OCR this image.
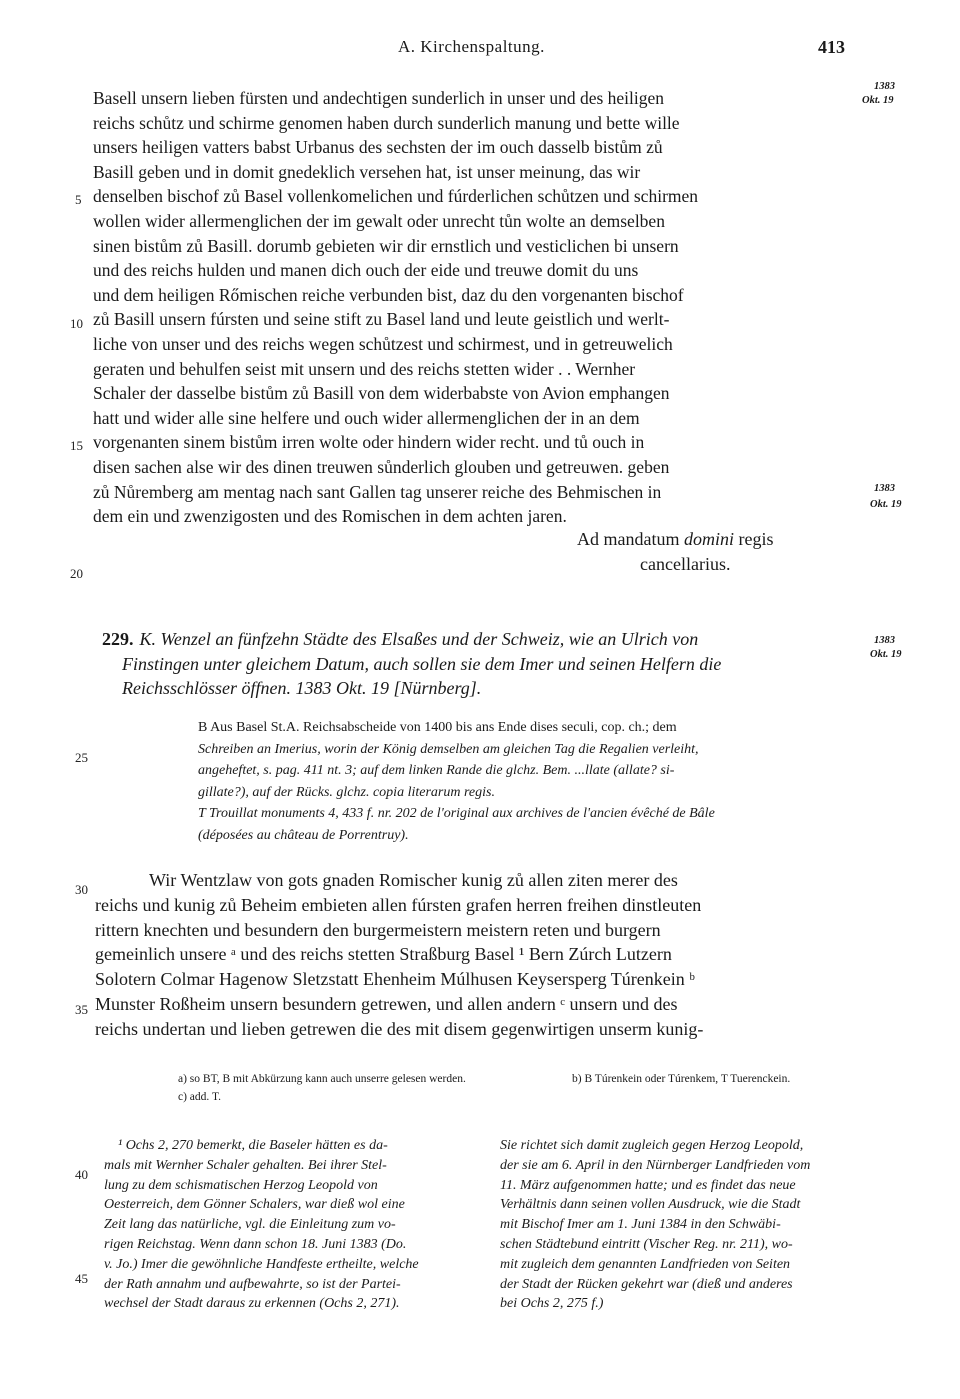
A. Kirchenspaltung.	413
1383
Okt. 19
1383
Okt. 19
1383
Okt. 19
Basell unsern lieben fürsten und andechtigen sunderlich in unser und des heiligen
reichs schůtz und schirme genomen haben durch sunderlich manung und bette wille
unsers heiligen vatters babst Urbanus des sechsten der im ouch dasselb bistům zů
Basill geben und in domit gnedeklich versehen hat, ist unser meinung, das wir
denselben bischof zů Basel vollenkomelichen und fúrderlichen schůtzen und schirmen
wollen wider allermenglichen der im gewalt oder unrecht tůn wolte an demselben
sinen bistům zů Basill. dorumb gebieten wir dir ernstlich und vesticlichen bi unsern
und des reichs hulden und manen dich ouch der eide und treuwe domit du uns
und dem heiligen Rőmischen reiche verbunden bist, daz du den vorgenanten bischof
zů Basill unsern fúrsten und seine stift zu Basel land und leute geistlich und werlt-
liche von unser und des reichs wegen schůtzest und schirmest, und in getreuwelich
geraten und behulfen seist mit unsern und des reichs stetten wider . . Wernher
Schaler der dasselbe bistům zů Basill von dem widerbabste von Avion emphangen
hatt und wider alle sine helfere und ouch wider allermenglichen der in an dem
vorgenanten sinem bistům irren wolte oder hindern wider recht. und tů ouch in
disen sachen alse wir des dinen treuwen sůnderlich glouben und getreuwen. geben
zů Nůremberg am mentag nach sant Gallen tag unserer reiche des Behmischen in
dem ein und zwenzigosten und des Romischen in dem achten jaren.
Ad mandatum domini regis
cancellarius.
5
10
15
20
25
30
35
40
45
229. K. Wenzel an fünfzehn Städte des Elsaßes und der Schweiz, wie an Ulrich von
Finstingen unter gleichem Datum, auch sollen sie dem Imer und seinen Helfern die
Reichsschlösser öffnen. 1383 Okt. 19 [Nürnberg].
B Aus Basel St.A. Reichsabscheide von 1400 bis ans Ende dises seculi, cop. ch.; dem
Schreiben an Imerius, worin der König demselben am gleichen Tag die Regalien verleiht,
angeheftet, s. pag. 411 nt. 3; auf dem linken Rande die glchz. Bem. ...llate (allate? si-
gillate?), auf der Rücks. glchz. copia literarum regis.
T Trouillat monuments 4, 433 f. nr. 202 de l'original aux archives de l'ancien évêché de Bâle
(déposées au château de Porrentruy).
Wir Wentzlaw von gots gnaden Romischer kunig zů allen ziten merer des
reichs und kunig zů Beheim embieten allen fúrsten grafen herren freihen dinstleuten
rittern knechten und besundern den burgermeistern meistern reten und burgern
gemeinlich unsere ᵃ und des reichs stetten Straßburg Basel ¹ Bern Zúrch Lutzern
Solotern Colmar Hagenow Sletzstatt Ehenheim Múlhusen Keysersperg Túrenkein ᵇ
Munster Roßheim unsern besundern getrewen, und allen andern ᶜ unsern und des
reichs undertan und lieben getrewen die des mit disem gegenwirtigen unserm kunig-
a) so BT, B mit Abkürzung kann auch unserre gelesen werden.	b) B Túrenkein oder Túrenkem, T Tuerenckein.
c) add. T.
¹ Ochs 2, 270 bemerkt, die Baseler hätten es da-
mals mit Wernher Schaler gehalten. Bei ihrer Stel-
lung zu dem schismatischen Herzog Leopold von
Oesterreich, dem Gönner Schalers, war dieß wol eine
Zeit lang das natürliche, vgl. die Einleitung zum vo-
rigen Reichstag. Wenn dann schon 18. Juni 1383 (Do.
v. Jo.) Imer die gewöhnliche Handfeste ertheilte, welche
der Rath annahm und aufbewahrte, so ist der Partei-
wechsel der Stadt daraus zu erkennen (Ochs 2, 271).
Sie richtet sich damit zugleich gegen Herzog Leopold,
der sie am 6. April in den Nürnberger Landfrieden vom
11. März aufgenommen hatte; und es findet das neue
Verhältnis dann seinen vollen Ausdruck, wie die Stadt
mit Bischof Imer am 1. Juni 1384 in den Schwäbi-
schen Städtebund eintritt (Vischer Reg. nr. 211), wo-
mit zugleich dem genannten Landfrieden von Seiten
der Stadt der Rücken gekehrt war (dieß und anderes
bei Ochs 2, 275 f.)
